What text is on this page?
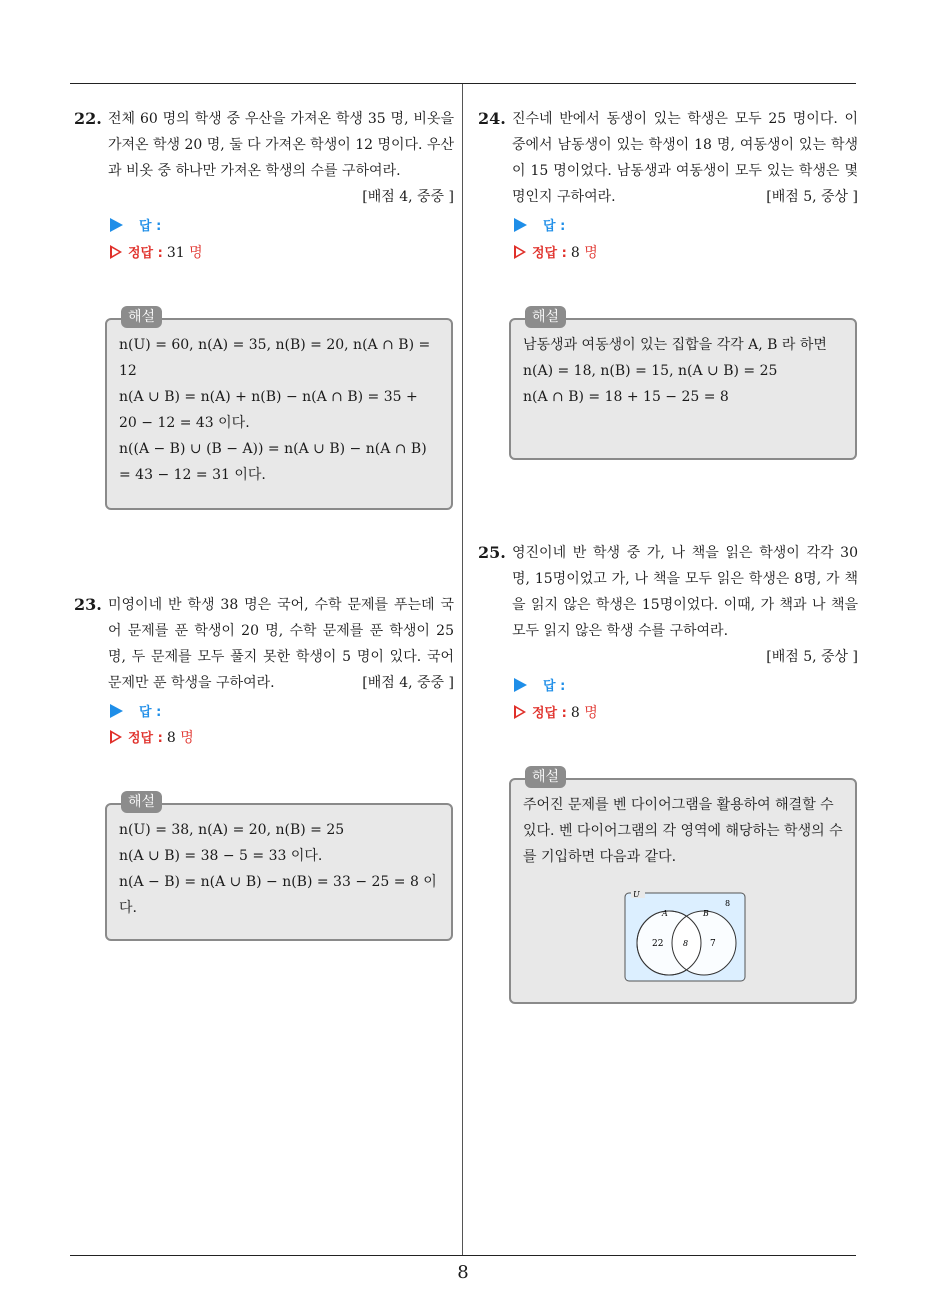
8
22. 전체 60 명의 학생 중 우산을 가져온 학생 35 명, 비옷을 가져온 학생 20 명, 둘 다 가져온 학생이 12 명이다. 우산과 비옷 중 하나만 가져온 학생의 수를 구하여라.
[배점 4, 중중 ]
답 :
정답 : 31 명
해설
n(U) = 60, n(A) = 35, n(B) = 20, n(A ∩ B) = 12
n(A ∪ B) = n(A) + n(B) − n(A ∩ B) = 35 + 20 − 12 = 43 이다.
n((A − B) ∪ (B − A)) = n(A ∪ B) − n(A ∩ B) = 43 − 12 = 31 이다.
23. 미영이네 반 학생 38 명은 국어, 수학 문제를 푸는데 국어 문제를 푼 학생이 20 명, 수학 문제를 푼 학생이 25 명, 두 문제를 모두 풀지 못한 학생이 5 명이 있다. 국어 문제만 푼 학생을 구하여라.	[배점 4, 중중 ]
답 :
정답 : 8 명
해설
n(U) = 38, n(A) = 20, n(B) = 25
n(A ∪ B) = 38 − 5 = 33 이다.
n(A − B) = n(A ∪ B) − n(B) = 33 − 25 = 8 이다.
24. 진수네 반에서 동생이 있는 학생은 모두 25 명이다. 이 중에서 남동생이 있는 학생이 18 명, 여동생이 있는 학생이 15 명이었다. 남동생과 여동생이 모두 있는 학생은 몇 명인지 구하여라.	[배점 5, 중상 ]
답 :
정답 : 8 명
해설
남동생과 여동생이 있는 집합을 각각 A, B 라 하면
n(A) = 18, n(B) = 15, n(A ∪ B) = 25
n(A ∩ B) = 18 + 15 − 25 = 8
25. 영진이네 반 학생 중 가, 나 책을 읽은 학생이 각각 30 명, 15명이었고 가, 나 책을 모두 읽은 학생은 8명, 가 책을 읽지 않은 학생은 15명이었다. 이때, 가 책과 나 책을 모두 읽지 않은 학생 수를 구하여라.
[배점 5, 중상 ]
답 :
정답 : 8 명
해설
주어진 문제를 벤 다이어그램을 활용하여 해결할 수 있다. 벤 다이어그램의 각 영역에 해당하는 학생의 수를 기입하면 다음과 같다.
U
A	B
8
22 8 7
